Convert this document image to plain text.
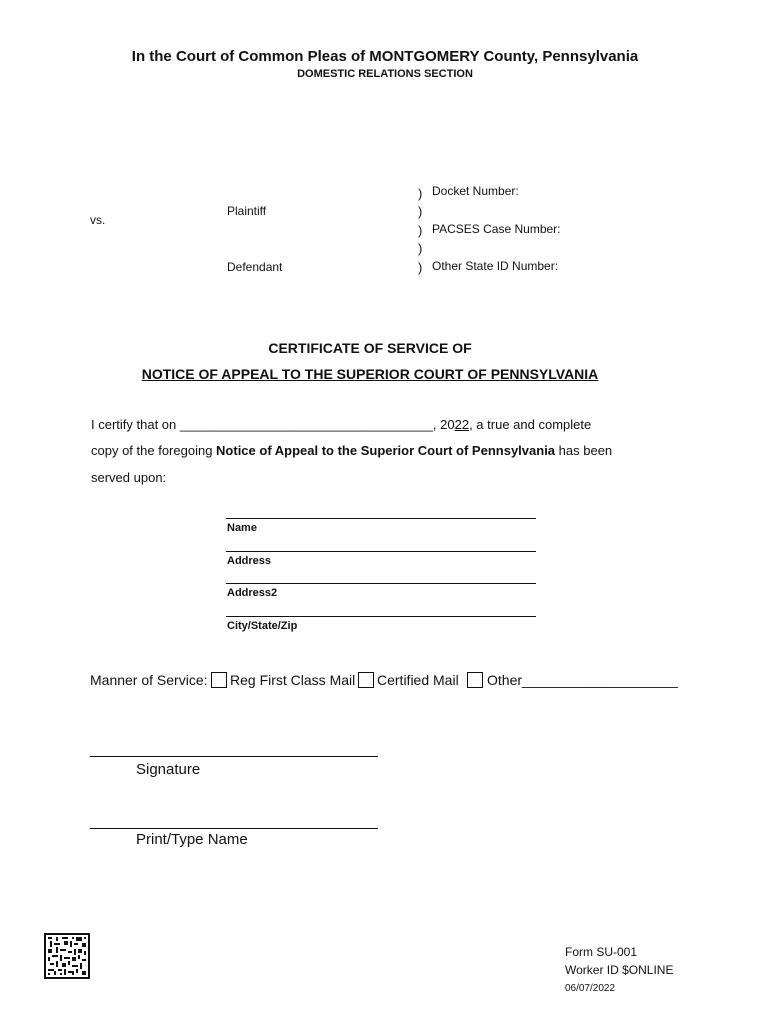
In the Court of Common Pleas of MONTGOMERY County, Pennsylvania
DOMESTIC RELATIONS SECTION
Plaintiff
vs.
Defendant
)
)
)
)
)
Docket Number:
PACSES Case Number:
Other State ID Number:
CERTIFICATE OF SERVICE OF
NOTICE OF APPEAL TO THE SUPERIOR COURT OF PENNSYLVANIA
I certify that on ___________________________________, 2022, a true and complete
copy of the foregoing Notice of Appeal to the Superior Court of Pennsylvania has been
served upon:
Name
Address
Address2
City/State/Zip
Manner of Service: Reg First Class Mail Certified Mail Other____________________
Signature
Print/Type Name
Form SU-001
Worker ID $ONLINE
06/07/2022
